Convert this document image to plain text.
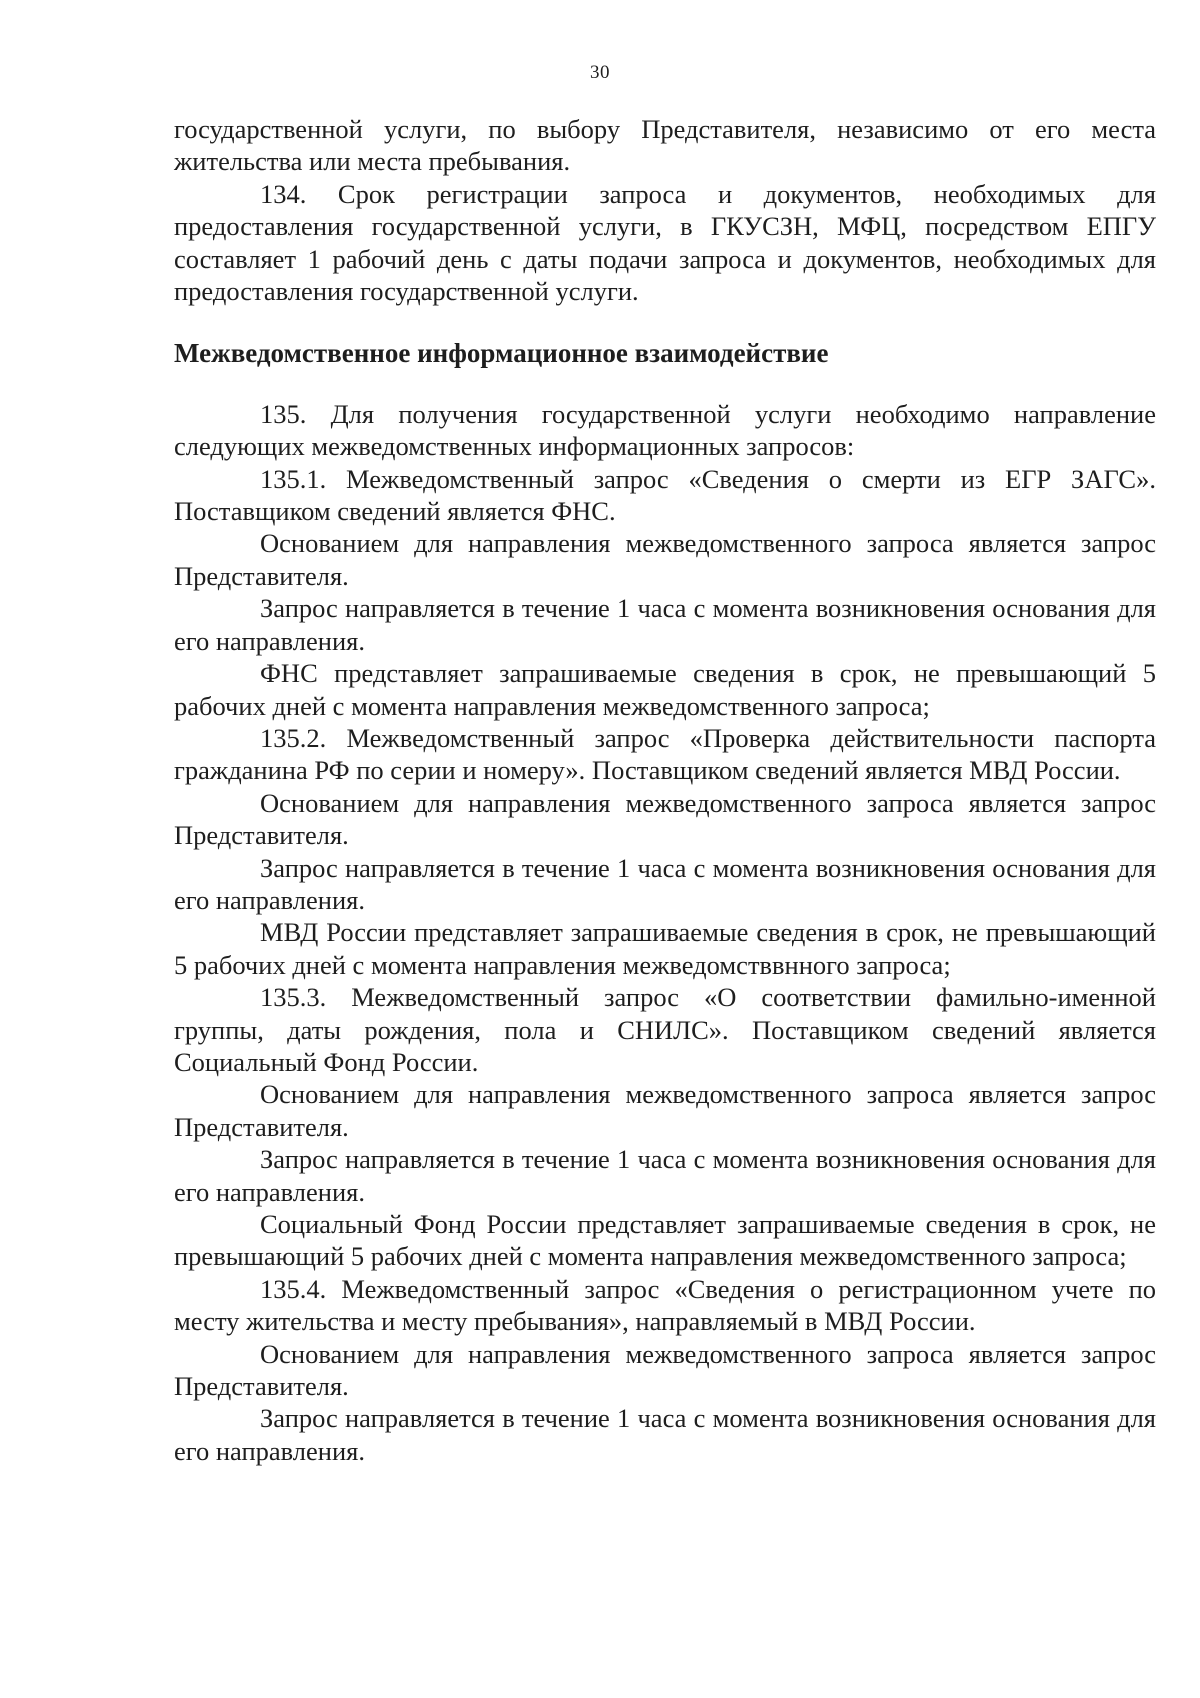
30

государственной услуги, по выбору Представителя, независимо от его места жительства или места пребывания.

134. Срок регистрации запроса и документов, необходимых для предоставления государственной услуги, в ГКУСЗН, МФЦ, посредством ЕПГУ составляет 1 рабочий день с даты подачи запроса и документов, необходимых для предоставления государственной услуги.

Межведомственное информационное взаимодействие

135. Для получения государственной услуги необходимо направление следующих межведомственных информационных запросов:

135.1. Межведомственный запрос «Сведения о смерти из ЕГР ЗАГС». Поставщиком сведений является ФНС.

Основанием для направления межведомственного запроса является запрос Представителя.

Запрос направляется в течение 1 часа с момента возникновения основания для его направления.

ФНС представляет запрашиваемые сведения в срок, не превышающий 5 рабочих дней с момента направления межведомственного запроса;

135.2. Межведомственный запрос «Проверка действительности паспорта гражданина РФ по серии и номеру». Поставщиком сведений является МВД России.

Основанием для направления межведомственного запроса является запрос Представителя.

Запрос направляется в течение 1 часа с момента возникновения основания для его направления.

МВД России представляет запрашиваемые сведения в срок, не превышающий 5 рабочих дней с момента направления межведомстввнного запроса;

135.3. Межведомственный запрос «О соответствии фамильно-именной группы, даты рождения, пола и СНИЛС». Поставщиком сведений является Социальный Фонд России.

Основанием для направления межведомственного запроса является запрос Представителя.

Запрос направляется в течение 1 часа с момента возникновения основания для его направления.

Социальный Фонд России представляет запрашиваемые сведения в срок, не превышающий 5 рабочих дней с момента направления межведомственного запроса;

135.4. Межведомственный запрос «Сведения о регистрационном учете по месту жительства и месту пребывания», направляемый в МВД России.

Основанием для направления межведомственного запроса является запрос Представителя.

Запрос направляется в течение 1 часа с момента возникновения основания для его направления.
